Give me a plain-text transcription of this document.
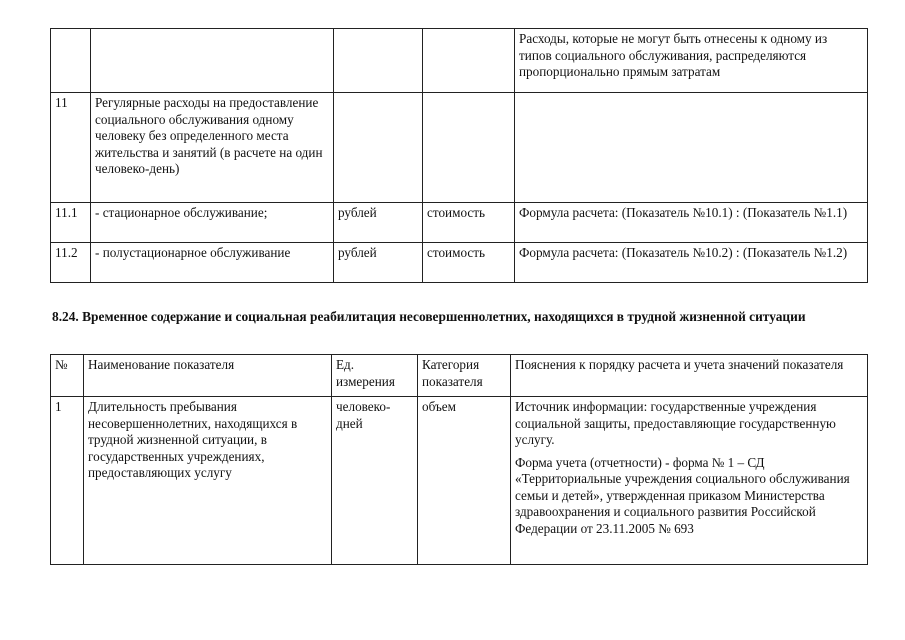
				Расходы, которые не могут быть отнесены к одному из типов социального обслуживания, распределяются пропорционально прямым затратам
11	Регулярные расходы на предоставление социального обслуживания одному человеку без определенного места жительства и занятий (в расчете на один человеко-день)			
11.1	- стационарное обслуживание;	рублей	стоимость	Формула расчета: (Показатель №10.1) : (Показатель №1.1)
11.2	- полустационарное обслуживание	рублей	стоимость	Формула расчета: (Показатель №10.2) : (Показатель №1.2)

8.24. Временное содержание и социальная реабилитация несовершеннолетних, находящихся в трудной жизненной ситуации

№	Наименование показателя	Ед. измерения	Категория показателя	Пояснения к порядку расчета и учета значений показателя
1	Длительность пребывания несовершеннолетних, находящихся в трудной жизненной ситуации, в государственных учреждениях, предоставляющих услугу	человеко-дней	объем	Источник информации: государственные учреждения социальной защиты, предоставляющие государственную услугу.

Форма учета (отчетности) - форма № 1 – СД «Территориальные учреждения социального обслуживания семьи и детей», утвержденная приказом Министерства здравоохранения и социального развития Российской Федерации от 23.11.2005 № 693
